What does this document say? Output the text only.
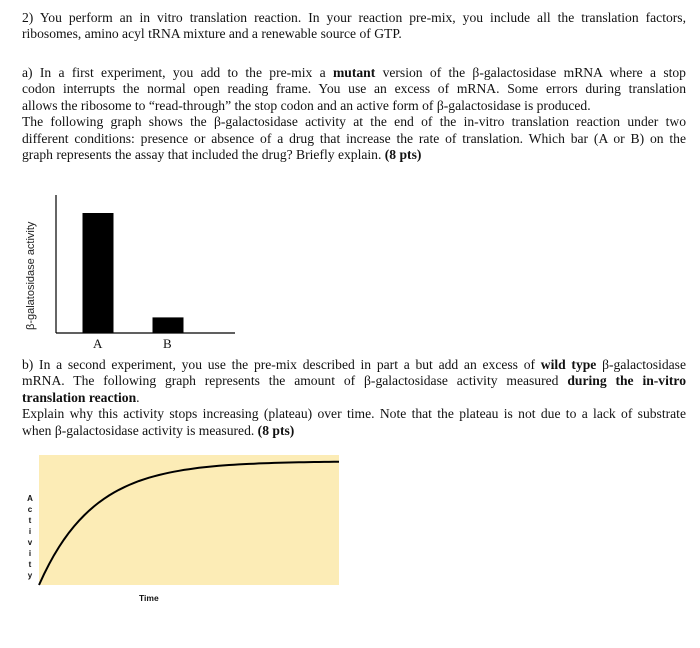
2) You perform an in vitro translation reaction. In your reaction pre-mix, you include all the translation factors,
ribosomes, amino acyl tRNA mixture and a renewable source of GTP.
a) In a first experiment, you add to the pre-mix a mutant version of the β-galactosidase mRNA where a stop
codon interrupts the normal open reading frame. You use an excess of mRNA. Some errors during translation
allows the ribosome to “read-through” the stop codon and an active form of β-galactosidase is produced.
The following graph shows the β-galactosidase activity at the end of the in-vitro translation reaction under two
different conditions: presence or absence of a drug that increase the rate of translation. Which bar (A or B) on the
graph represents the assay that included the drug? Briefly explain. (8 pts)
β-galatosidase activity
A	B
b) In a second experiment, you use the pre-mix described in part a but add an excess of wild type β-galactosidase
mRNA. The following graph represents the amount of β-galactosidase activity measured during the in-vitro
translation reaction.
Explain why this activity stops increasing (plateau) over time. Note that the plateau is not due to a lack of substrate
when β-galactosidase activity is measured. (8 pts)
A
c
t
i
v
i
t
y
Time
